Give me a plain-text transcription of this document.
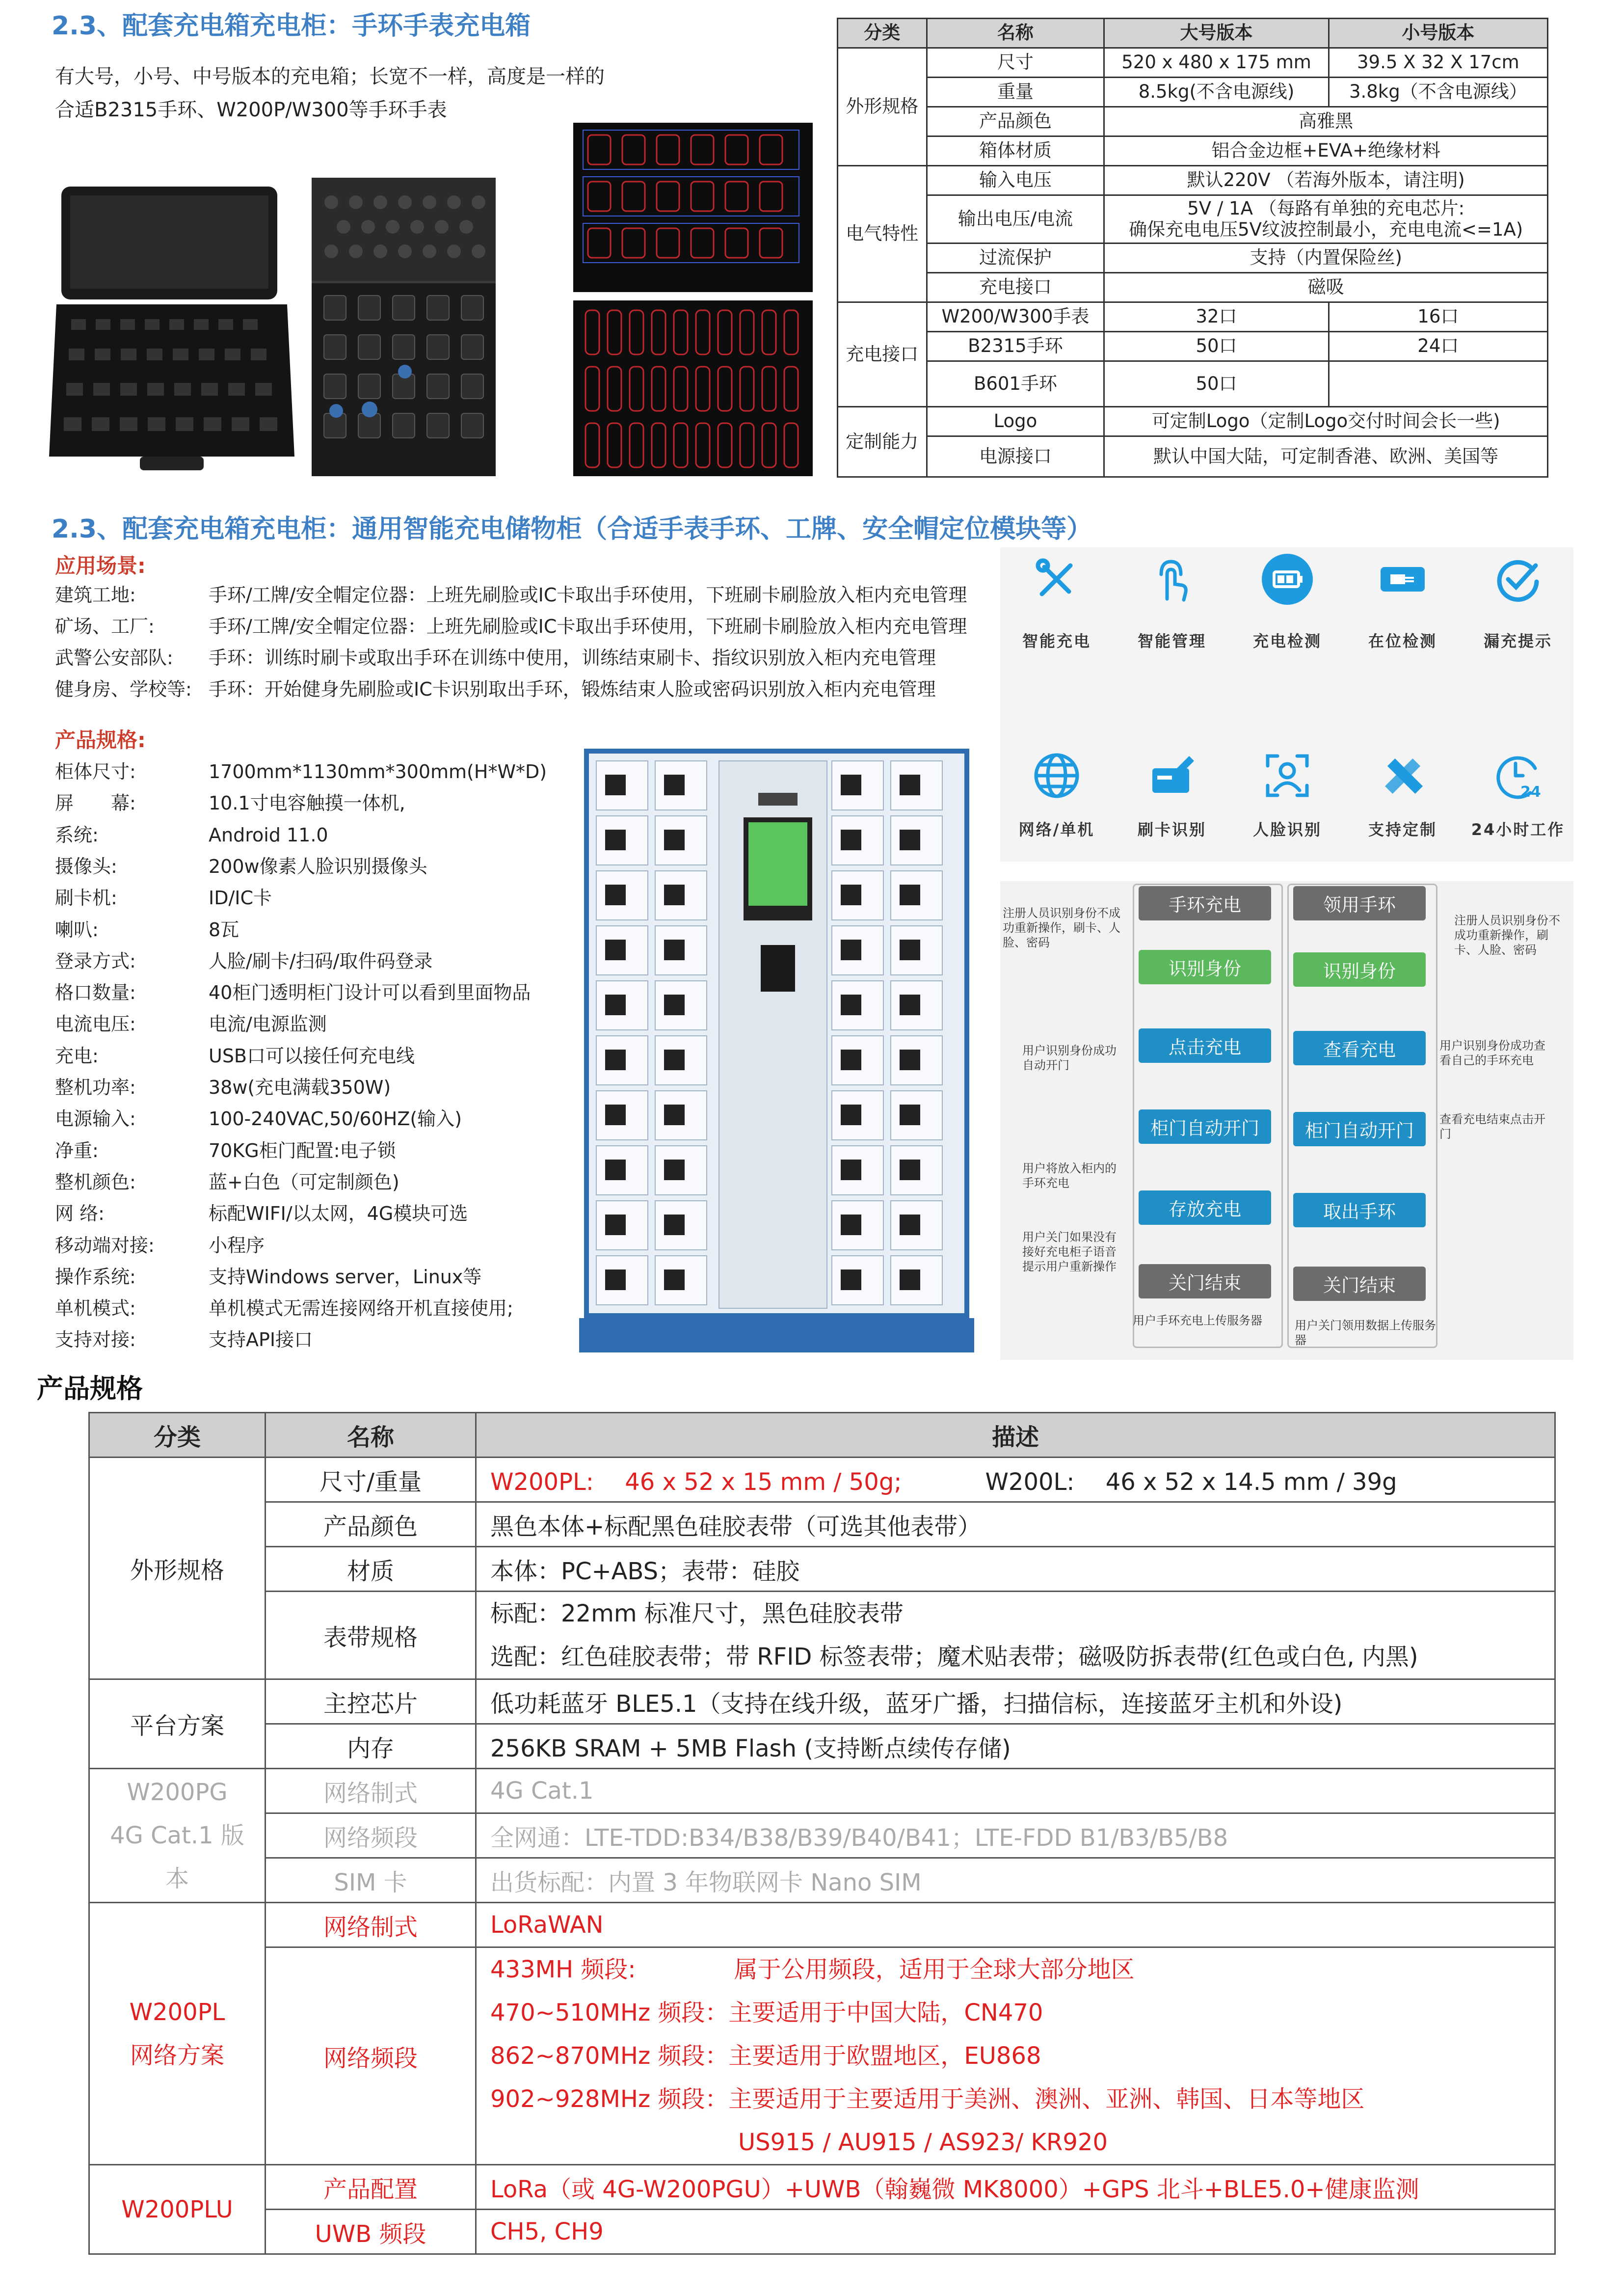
2.3、配套充电箱充电柜：手环手表充电箱
有大号，小号、中号版本的充电箱；长宽不一样，高度是一样的
合适B2315手环、W200P/W300等手环手表
分类	名称	大号版本	小号版本
外形规格	尺寸	520 x 480 x 175 mm	39.5 X 32 X 17cm
	重量	8.5kg(不含电源线)	3.8kg（不含电源线）
	产品颜色	高雅黑	
	箱体材质	铝合金边框+EVA+绝缘材料	
电气特性	输入电压	默认220V （若海外版本，请注明)	
	输出电压/电流	5V / 1A （每路有单独的充电芯片:
确保充电电压5V纹波控制最小，充电电流<=1A)	

	过流保护	支持（内置保险丝)	
	充电接口	磁吸	
充电接口	W200/W300手表	32口	16口
	B2315手环	50口	24口
	B601手环	50口	
定制能力	Logo	可定制Logo（定制Logo交付时间会长一些)	
	电源接口	默认中国大陆，可定制香港、欧洲、美国等	
2.3、配套充电箱充电柜：通用智能充电储物柜（合适手表手环、工牌、安全帽定位模块等）
应用场景:
建筑工地:	手环/工牌/安全帽定位器：上班先刷脸或IC卡取出手环使用，下班刷卡刷脸放入柜内充电管理
矿场、工厂:	手环/工牌/安全帽定位器：上班先刷脸或IC卡取出手环使用，下班刷卡刷脸放入柜内充电管理
武警公安部队: 手环：训练时刷卡或取出手环在训练中使用，训练结束刷卡、指纹识别放入柜内充电管理
健身房、学校等: 手环：开始健身先刷脸或IC卡识别取出手环，锻炼结束人脸或密码识别放入柜内充电管理
产品规格:
柜体尺寸:	1700mm*1130mm*300mm(H*W*D)
屏　　幕:	10.1寸电容触摸一体机,
系统:	Android 11.0
摄像头:	200w像素人脸识别摄像头
刷卡机:	ID/IC卡
喇叭:	8瓦
登录方式:	人脸/刷卡/扫码/取件码登录
格口数量:	40柜门透明柜门设计可以看到里面物品
电流电压:	电流/电源监测
充电:	USB口可以接任何充电线
整机功率:	38w(充电满载350W)
电源输入:	100-240VAC,50/60HZ(输入)
净重:	70KG柜门配置:电子锁
整机颜色:	蓝+白色（可定制颜色)
网 络:	标配WIFI/以太网，4G模块可选
移动端对接:	小程序
操作系统:	支持Windows server，Linux等
单机模式:	单机模式无需连接网络开机直接使用;
支持对接:	支持API接口
智能充电	智能管理	充电检测	在位检测	漏充提示
网络/单机	刷卡识别	人脸识别	支持定制
24
24小时工作
手环充电	领用手环
识别身份
点击充电
柜门自动开门
存放充电
关门结束
识别身份
查看充电
柜门自动开门
取出手环
关门结束
注册人员识别身份不成功重新操作，刷卡、人脸、密码
用户识别身份成功自动开门
用户将放入柜内的手环充电
用户关门如果没有接好充电柜子语音提示用户重新操作
用户手环充电上传服务器
注册人员识别身份不成功重新操作，刷卡、人脸、密码
用户识别身份成功查看自己的手环充电
查看充电结束点击开门
用户关门领用数据上传服务器
产品规格
分类	名称	描述
外形规格	尺寸/重量	W200PL:　 46 x 52 x 15 mm / 50g; W200L:　 46 x 52 x 14.5 mm / 39g
	产品颜色	黑色本体+标配黑色硅胶表带（可选其他表带）
	材质	本体：PC+ABS；表带：硅胶
	表带规格	标配：22mm 标准尺寸，黑色硅胶表带
选配：红色硅胶表带；带 RFID 标签表带；魔术贴表带；磁吸防拆表带(红色或白色, 内黑)

平台方案	主控芯片	低功耗蓝牙 BLE5.1（支持在线升级，蓝牙广播，扫描信标，连接蓝牙主机和外设)
	内存	256KB SRAM + 5MB Flash (支持断点续传存储)

W200PG
4G Cat.1 版本	网络制式	4G Cat.1
	网络频段	全网通：LTE-TDD:B34/B38/B39/B40/B41；LTE-FDD B1/B3/B5/B8
	SIM 卡	出货标配：内置 3 年物联网卡 Nano SIM

W200PL
网络方案	网络制式	LoRaWAN
	网络频段	433MH 频段: 属于公用频段，适用于全球大部分地区
470~510MHz 频段：主要适用于中国大陆，CN470
862~870MHz 频段：主要适用于欧盟地区，EU868
902~928MHz 频段：主要适用于主要适用于美洲、澳洲、亚洲、韩国、日本等地区
US915 / AU915 / AS923/ KR920

W200PLU	产品配置	LoRa（或 4G-W200PGU）+UWB（翰巍微 MK8000）+GPS 北斗+BLE5.0+健康监测
	UWB 频段	CH5, CH9
